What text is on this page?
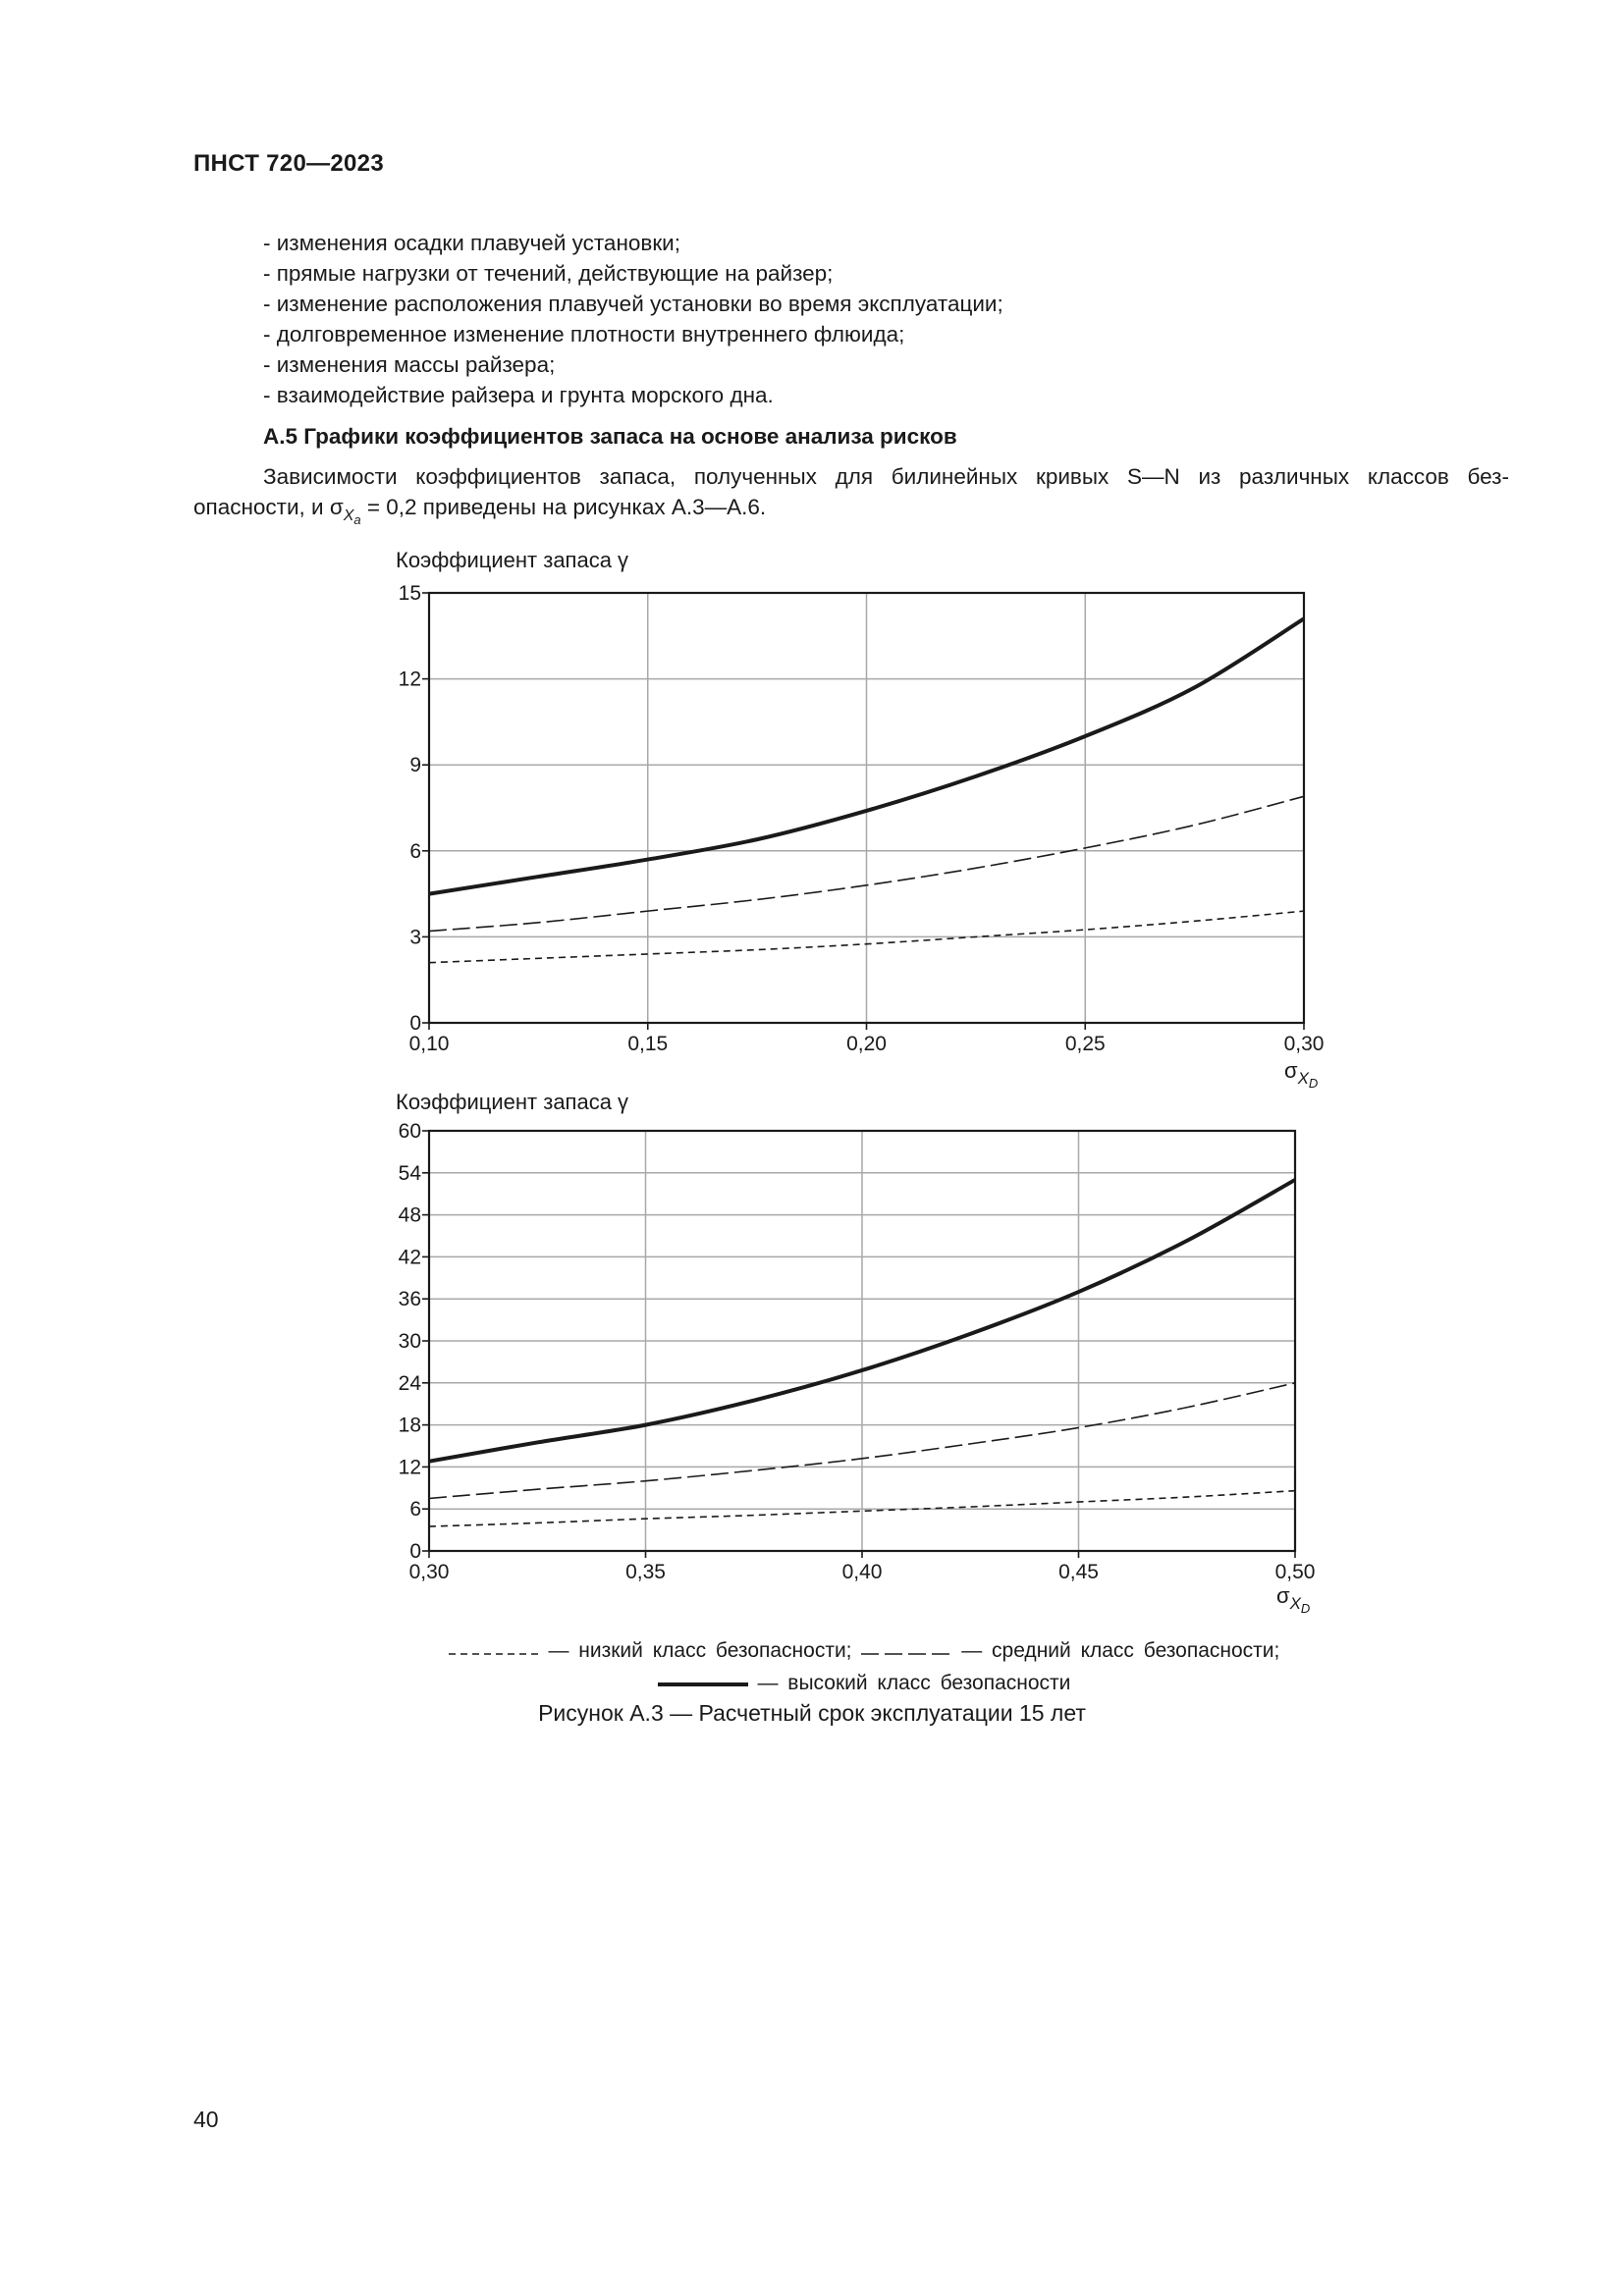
ПНСТ 720—2023
- изменения осадки плавучей установки;
- прямые нагрузки от течений, действующие на райзер;
- изменение расположения плавучей установки во время эксплуатации;
- долговременное изменение плотности внутреннего флюида;
- изменения массы райзера;
- взаимодействие райзера и грунта морского дна.
А.5 Графики коэффициентов запаса на основе анализа рисков
Зависимости коэффициентов запаса, полученных для билинейных кривых S—N из различных классов без-
опасности, и $\sigma_{Xa} = 0,2$ приведены на рисунках А.3—А.6.
0,10	0,15	0,20	0,25	0,30
0
3
6
9
12
15
Коэффициент запаса γ
$\sigma_XD$
0,30	0,35	0,40	0,45	0,50
0
6
12
18
24
30
36
42
48
54
60
Коэффициент запаса γ
$\sigma_XD$
— низкий класс безопасности;	— средний класс безопасности;
— высокий класс безопасности
Рисунок А.3 — Расчетный срок эксплуатации 15 лет
40
